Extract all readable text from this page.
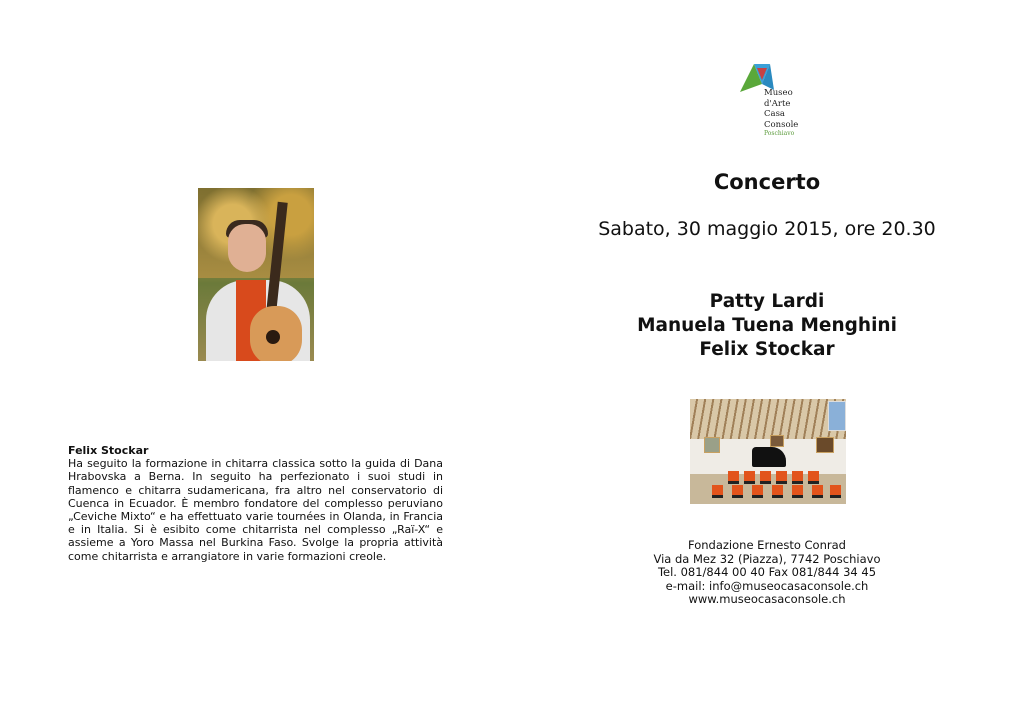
Felix Stockar

Ha seguito la formazione in chitarra classica sotto la guida di Dana Hrabovska a Berna. In seguito ha perfezionato i suoi studi in flamenco e chitarra sudamericana, fra altro nel conservatorio di Cuenca in Ecuador. È membro fondatore del complesso peruviano „Ceviche Mixto“ e ha effettuato varie tournées in Olanda, in Francia e in Italia. Si è esibito come chitarrista nel complesso „Raï-X“ e assieme a Yoro Massa nel Burkina Faso. Svolge la propria attività come chitarrista e arrangiatore in varie formazioni creole.

Museo
d'Arte
Casa
Console
Poschiavo
Concerto
Sabato, 30 maggio 2015, ore 20.30
Patty Lardi
Manuela Tuena Menghini
Felix Stockar
Fondazione Ernesto Conrad
Via da Mez 32 (Piazza), 7742 Poschiavo
Tel. 081/844 00 40 Fax 081/844 34 45
e-mail: info@museocasaconsole.ch
www.museocasaconsole.ch
